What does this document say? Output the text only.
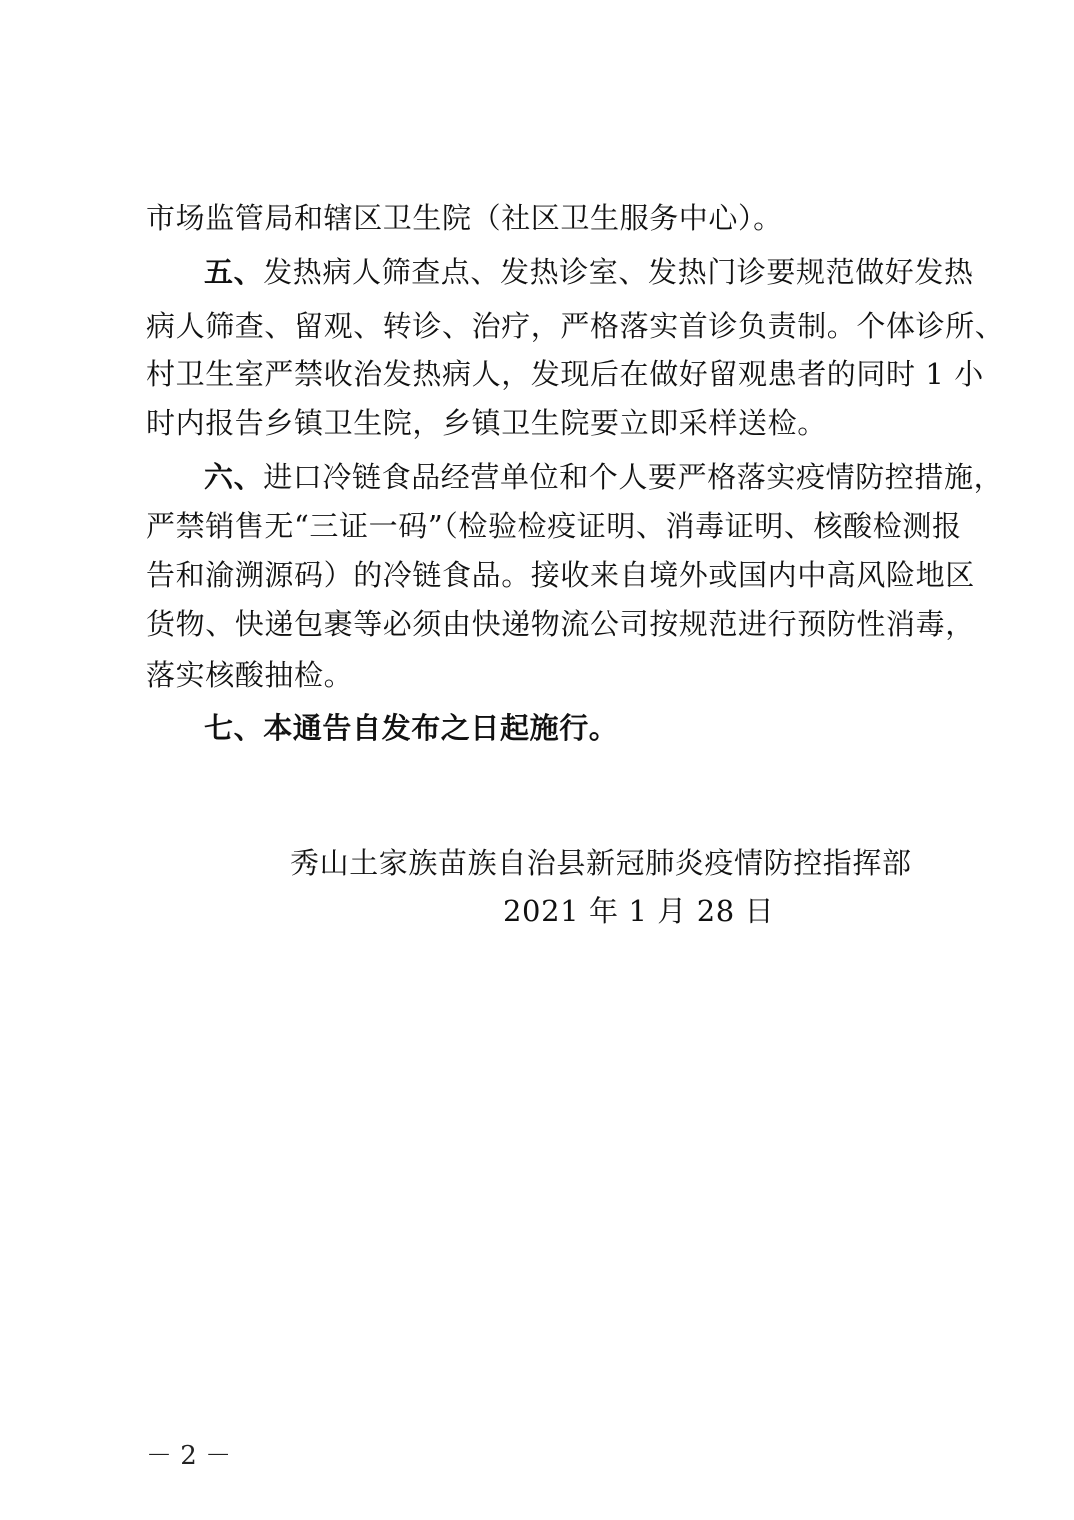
市场监管局和辖区卫生院（社区卫生服务中心）。
五、发热病人筛查点、发热诊室、发热门诊要规范做好发热
病人筛查、留观、转诊、治疗，严格落实首诊负责制。个体诊所、
村卫生室严禁收治发热病人，发现后在做好留观患者的同时 1 小
时内报告乡镇卫生院，乡镇卫生院要立即采样送检。
六、进口冷链食品经营单位和个人要严格落实疫情防控措施，
严禁销售无“三证一码”（检验检疫证明、消毒证明、核酸检测报
告和渝溯源码）的冷链食品。接收来自境外或国内中高风险地区
货物、快递包裹等必须由快递物流公司按规范进行预防性消毒，
落实核酸抽检。
七、本通告自发布之日起施行。
秀山土家族苗族自治县新冠肺炎疫情防控指挥部
2021 年 1 月 28 日
－ 2 －
